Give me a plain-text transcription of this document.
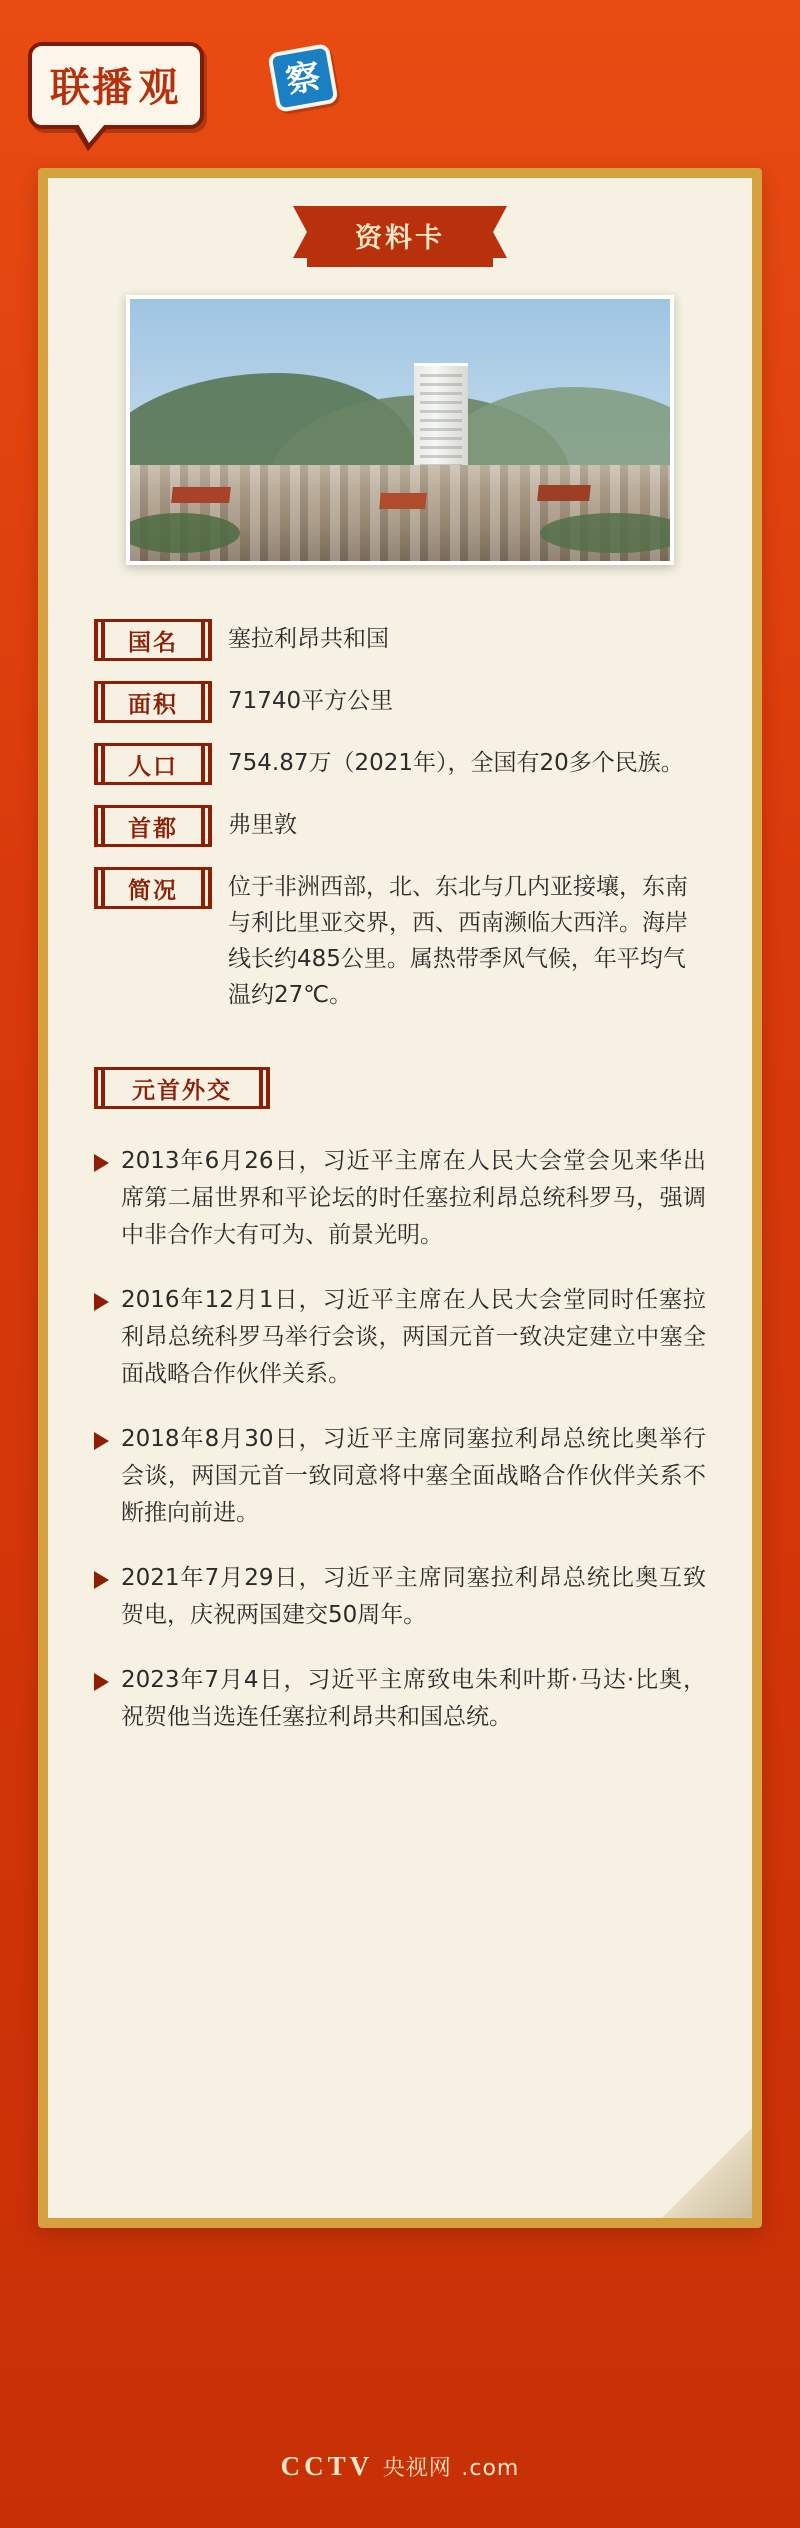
联播 观	察
资料卡
国名	塞拉利昂共和国
面积	71740平方公里
人口	754.87万（2021年），全国有20多个民族。
首都	弗里敦
简况	位于非洲西部，北、东北与几内亚接壤，东南与利比里亚交界，西、西南濒临大西洋。海岸线长约485公里。属热带季风气候，年平均气温约27℃。
元首外交
2013年6月26日，习近平主席在人民大会堂会见来华出席第二届世界和平论坛的时任塞拉利昂总统科罗马，强调中非合作大有可为、前景光明。
2016年12月1日，习近平主席在人民大会堂同时任塞拉利昂总统科罗马举行会谈，两国元首一致决定建立中塞全面战略合作伙伴关系。
2018年8月30日，习近平主席同塞拉利昂总统比奥举行会谈，两国元首一致同意将中塞全面战略合作伙伴关系不断推向前进。
2021年7月29日，习近平主席同塞拉利昂总统比奥互致贺电，庆祝两国建交50周年。
2023年7月4日，习近平主席致电朱利叶斯·马达·比奥，祝贺他当选连任塞拉利昂共和国总统。
CCTV 央视网 .com
